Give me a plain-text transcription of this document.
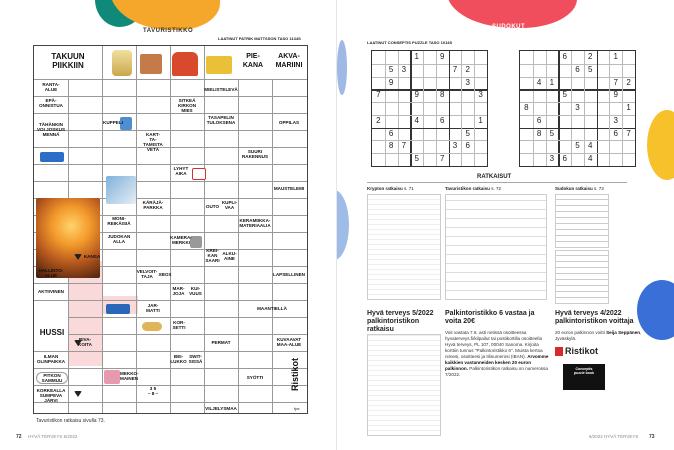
TAVURISTIKKO
LAATINUT PATRIK MATTSSON TASO 1134S
TAKUUN
PIIKKIIN
PIE-
KANA
AKVA-
MARIINI
HUSSI
MIELISTELEVÄ
RANTA-
ALUE
EPÄ-
ONNISTUA
SITKEÄ
KIRKON
MIES
TÄHÄNKIN
VOI JOSKUS
MENNÄ
KUPPELI
TASAPELIN
TULOKSENA	OPPILAS
KART-
TA-
TAMISTA
VETÄ	SUURI
RAKENNUS
LYHYT
AIKA
MAUSTELEMI
MONI-
REIKÄISIÄ
KÄRÄJÄ-
PARKKA	OUTO
KUPLI-
VAA
KERAMIIKKA-
MATERIAALIA
JUDOKAN
ALLA
KAMERA-
MERKKI
KANSA
KREI-
KAN
SAARI
ALKU-
AINE
HALLINTO-
ALUE
VELVOIT-
TAJA	XBOX	LAPSELLINEN
AKTIIVINEN
MAR-
JOJA
KUI-
VUUS
JAR-
MATTI	MAANTIELLÄ
KOR-
SETTI
RIVA-
KOITA	PERMAT
KUVAAVAT
MAA-ALUE
ILMAN
OLINPAIKKA
BEI-
LUKKO
SWIT-
SISSÄ
PITKON
SAMMUU
MEKKO-
MAINEN	SYÖTTI
KORKEALLA
SUMPEVA
JÄRVI
VILJELYSMAA
3 5
– 8 –
Ristikot
fpe
Tavuristikon ratkaisu sivulla 73.
72 HYVÄ TERVEYS 6/2022
SUDOKUT
LAATINUT CONSEPTIS PUZZLE TASO 1014S
1	9
5	3	7	2
9	3
7	9	8	3
2	4	6	1
6	5
8	7	3	6
5	7
6	2	1
6	5
4	1	7	2
5	9
8	3	1
6	3
8	5	6	7
5	4
3	6	4
RATKAISUT
Krypton ratkaisu s. 71	Tavuristikon ratkaisu s. 72	Sudokun ratkaisu s. 73
Hyvä terveys 5/2022 palkintoristikon ratkaisu
Palkintoristikko 6 vastaa ja voita 20€
Voit vastata 7.6. asti netissä osoitteessa hyvaterveys.fi/kilpailut tai postikortilla osoitteella Hyvä terveys, PL 107, 00040 Sanoma. Kirjoita korttiin tunnus "Palkintoristikko 6". Muista kertoa nimesi, osoitteesi ja tilinumerosi (IBAN). Arvomme kaikkien vastanneiden kesken 20 euron palkinnon. Palkintoristikon ratkaisu on numerossa 7/2022.
Hyvä terveys 4/2022 palkintoristikon voittaja
20 euron palkinnon voitti Seija Seppänen, Jyväskylä.
Ristikot
Conceptis
puzzle book
6/2022 HYVÄ TERVEYS 73
